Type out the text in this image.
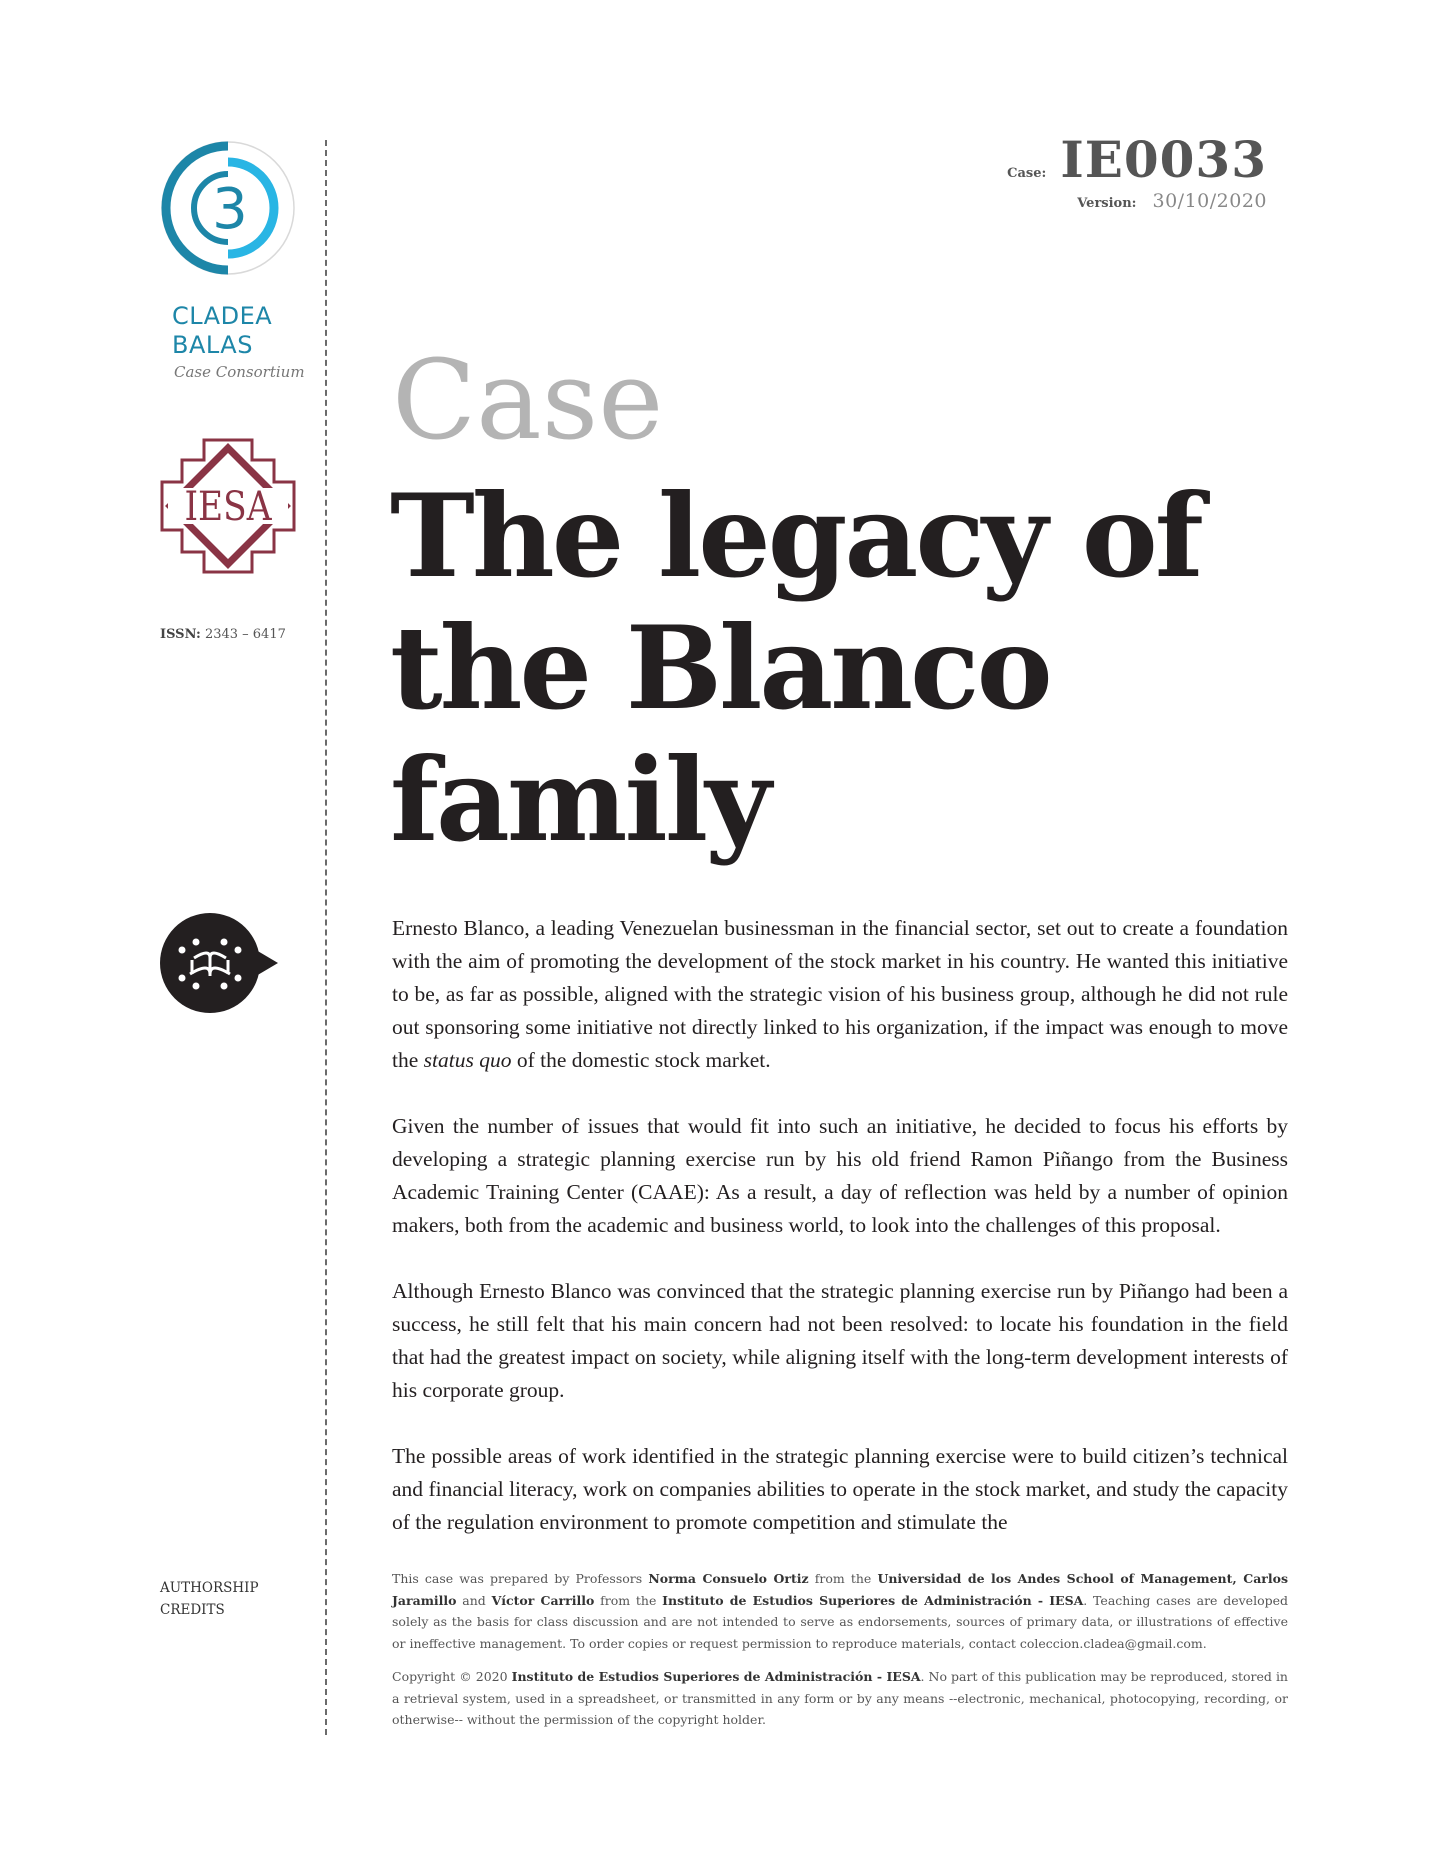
3
CLADEA
BALAS
Case Consortium
IESA
ISSN: 2343 – 6417
AUTHORSHIP
CREDITS
Case: IE0033
Version: 30/10/2020
Case
The legacy of the Blanco family

Ernesto Blanco, a leading Venezuelan businessman in the financial sector, set out to create a foundation with the aim of promoting the development of the stock market in his country. He wanted this initiative to be, as far as possible, aligned with the strategic vision of his business group, although he did not rule out sponsoring some initiative not directly linked to his organization, if the impact was enough to move the status quo of the domestic stock market.

Given the number of issues that would fit into such an initiative, he decided to focus his efforts by developing a strategic planning exercise run by his old friend Ramon Piñango from the Business Academic Training Center (CAAE): As a result, a day of reflection was held by a number of opinion makers, both from the academic and business world, to look into the challenges of this proposal.

Although Ernesto Blanco was convinced that the strategic planning exercise run by Piñango had been a success, he still felt that his main concern had not been resolved: to locate his foundation in the field that had the greatest impact on society, while aligning itself with the long-term development interests of his corporate group.

The possible areas of work identified in the strategic planning exercise were to build citizen’s technical and financial literacy, work on companies abilities to operate in the stock market, and study the capacity of the regulation environment to promote competition and stimulate the

This case was prepared by Professors Norma Consuelo Ortiz from the Universidad de los Andes School of Management, Carlos Jaramillo and Víctor Carrillo from the Instituto de Estudios Superiores de Administración - IESA. Teaching cases are developed solely as the basis for class discussion and are not intended to serve as endorsements, sources of primary data, or illustrations of effective or ineffective management. To order copies or request permission to reproduce materials, contact coleccion.cladea@gmail.com.

Copyright © 2020 Instituto de Estudios Superiores de Administración - IESA. No part of this publication may be reproduced, stored in a retrieval system, used in a spreadsheet, or transmitted in any form or by any means --electronic, mechanical, photocopying, recording, or otherwise-- without the permission of the copyright holder.
